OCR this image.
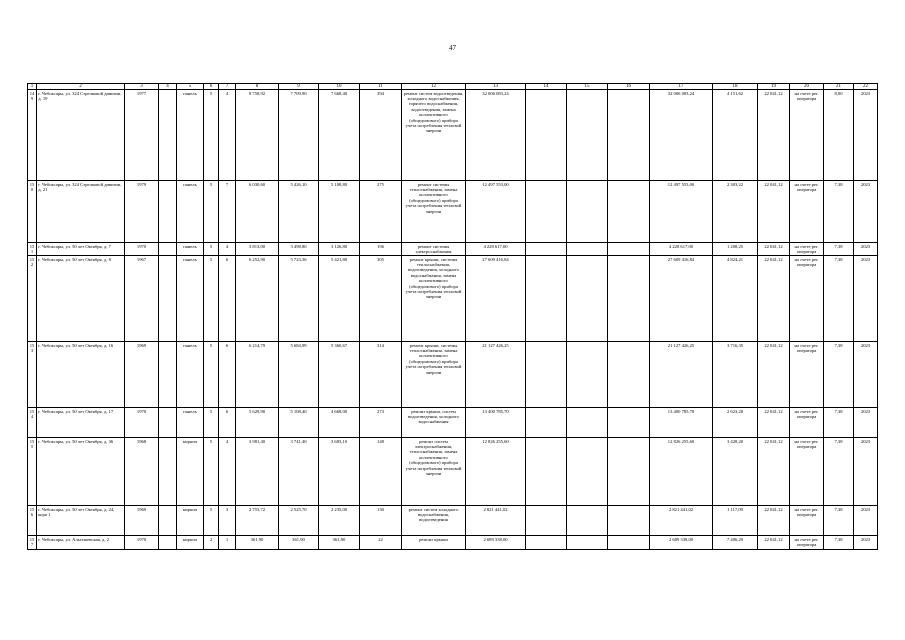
47
1	2	3	4	5	6	7	8	9	10	11	12	13	14	15	16	17	18	19	20	21	22
149	г. Чебоксары, ул. 324 Стрелковой дивизии, д. 19	1977		панель	5	4	8 758,92	7 709,90	7 668,40	394	ремонт систем водоотведения, холодного водоснабжения, горячего водоснабжения, водоотведения, замена коллективного (общедомового) прибора учета потребления тепловой энергии	32 006 083,24				32 006 083,24	4 151,62	22 041,12	на счете рег. оператора	8,00	2023
150	г. Чебоксары, ул. 324 Стрелковой дивизии, д. 21	1979		панель	5	7	6 030,60	5 426,10	5 108,80	275	ремонт системы теплоснабжения, замена коллективного (общедомового) прибора учета потребления тепловой энергии	12 497 553,00				12 497 553,00	2 303,22	22 041,12	на счете рег. оператора	7,38	2023
151	г. Чебоксары, ул. 50 лет Октября, д. 7	1970		панель	5	4	3 813,00	3 498,80	3 126,80	196	ремонт системы электроснабжения	4 228 617,00				4 228 617,00	1 208,25	22 041,12	на счете рег. оператора	7,38	2023
152	г. Чебоксары, ул. 50 лет Октября, д. 8	1967		панель	5	6	6 252,90	5 723,36	5 421,80	305	ремонт крыши, системы теплоснабжения, водоотведения, холодного водоснабжения, замена коллективного (общедомового) прибора учета потребления тепловой энергии	27 609 416,84				27 609 416,84	4 824,21	22 041,12	на счете рег. оператора	7,38	2023
153	г. Чебоксары, ул. 50 лет Октября, д. 16	1969		панель	5	6	6 214,79	5 684,99	5 360,67	314	ремонт крыши, системы теплоснабжения, замена коллективного (общедомового) прибора учета потребления тепловой энергии	21 127 426,25				21 127 426,25	3 716,35	22 041,12	на счете рег. оператора	7,38	2023
154	г. Чебоксары, ул. 50 лет Октября, д. 17	1970		панель	5	6	5 629,90	5 108,40	4 668,00	273	ремонт крыши, систем водоотведения, холодного водоснабжения	13 400 785,70				13 400 785,70	2 623,28	22 041,12	на счете рег. оператора	7,38	2023
155	г. Чебоксары, ул. 50 лет Октября, д. 36	1968		кирпич	5	4	3 981,40	3 741,40	3 683,10	148	ремонт систем электроснабжения, теплоснабжения, замена коллективного (общедомового) прибора учета потребления тепловой энергии	12 826 255,60				12 826 255,60	3 428,20	22 041,12	на счете рег. оператора	7,38	2023
156	г. Чебоксары, ул. 50 лет Октября, д. 24, корп 1	1969		кирпич	5	3	2 753,72	2 525,70	2 235,00	130	ремонт систем холодного водоснабжения, водоотведения	2 821 441,02				2 821 441,02	1 117,09	22 041,12	на счете рег. оператора	7,38	2023
157	г. Чебоксары, ул. Альгешевская, д. 2	1970		кирпич	2	1	361,90	361,90	361,90	22	ремонт крыши	2 689 338,00				2 689 338,00	7 406,29	22 041,12	на счете рег. оператора	7,38	2023
